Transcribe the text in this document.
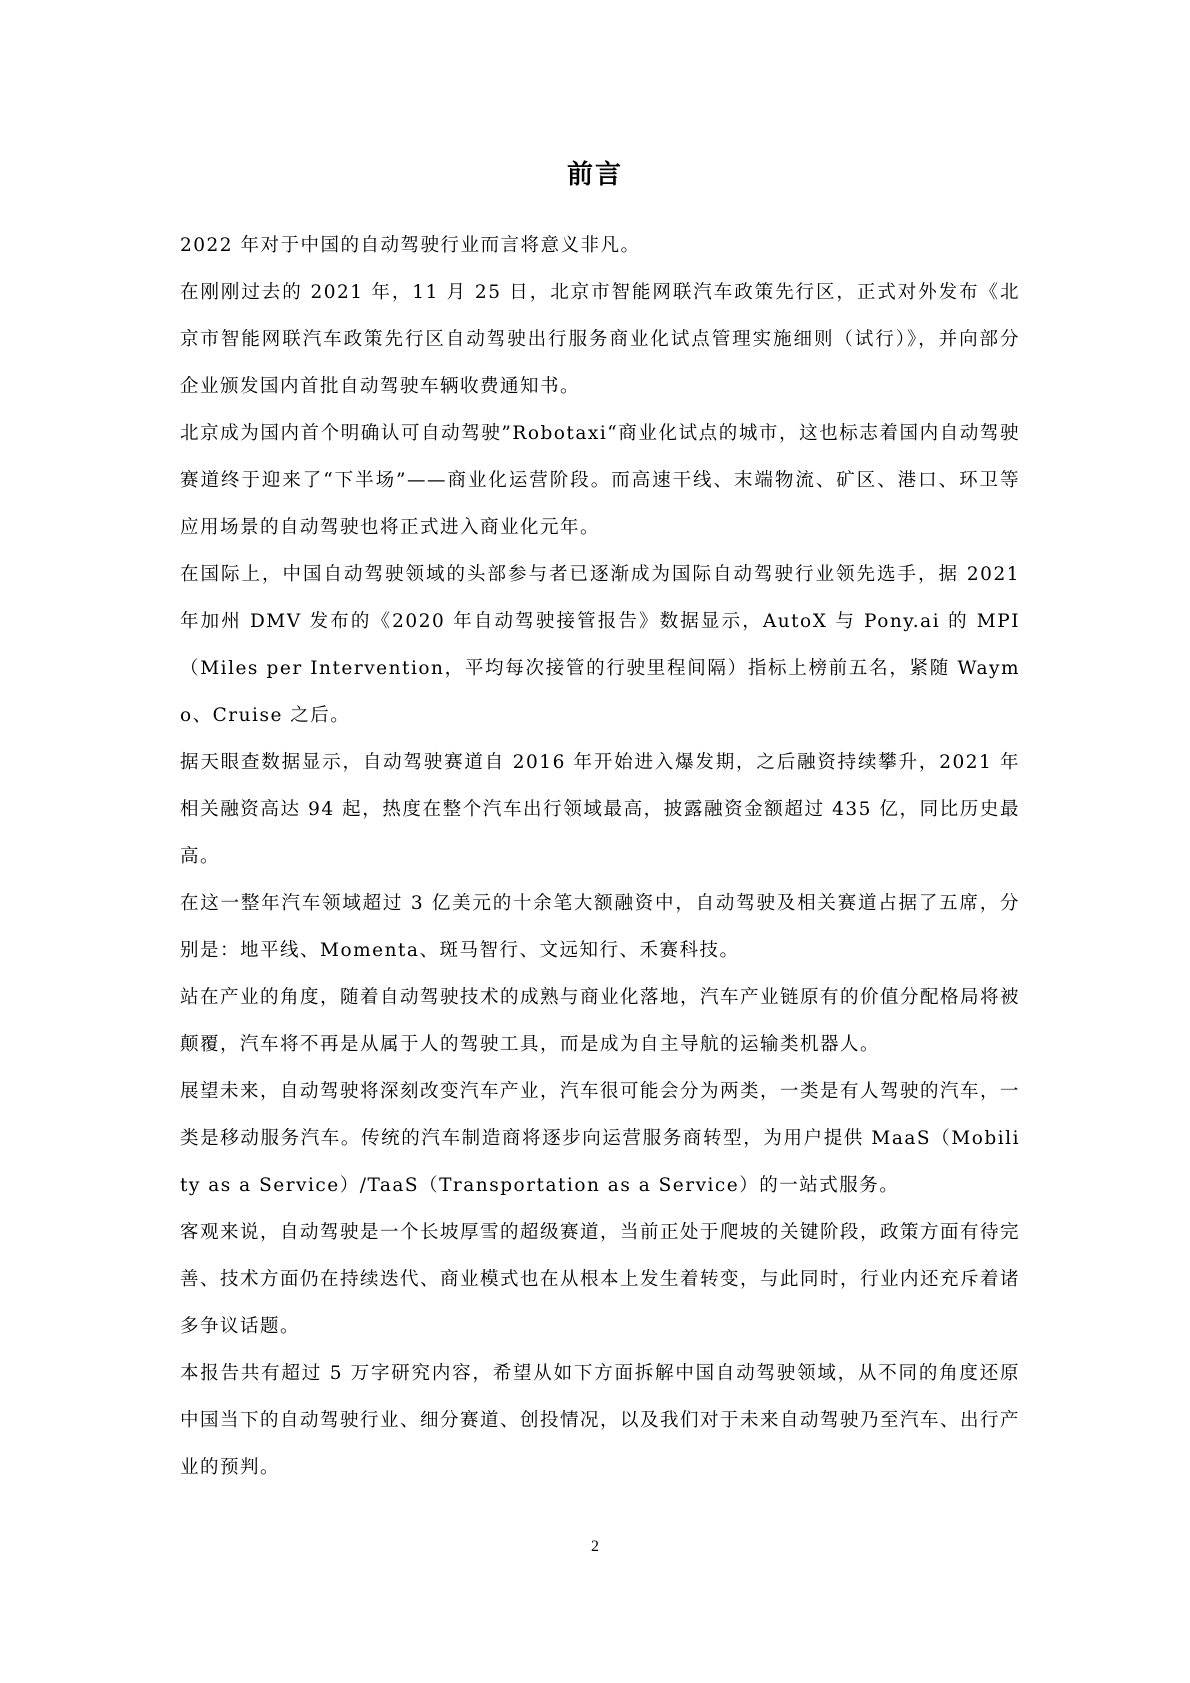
前言

2022 年对于中国的自动驾驶行业而言将意义非凡。

在刚刚过去的 2021 年，11 月 25 日，北京市智能网联汽车政策先行区，正式对外发布《北京市智能网联汽车政策先行区自动驾驶出行服务商业化试点管理实施细则（试行）》，并向部分企业颁发国内首批自动驾驶车辆收费通知书。

北京成为国内首个明确认可自动驾驶”Robotaxi“商业化试点的城市，这也标志着国内自动驾驶赛道终于迎来了“下半场”——商业化运营阶段。而高速干线、末端物流、矿区、港口、环卫等应用场景的自动驾驶也将正式进入商业化元年。

在国际上，中国自动驾驶领域的头部参与者已逐渐成为国际自动驾驶行业领先选手，据 2021 年加州 DMV 发布的《2020 年自动驾驶接管报告》数据显示，AutoX 与 Pony.ai 的 MPI（Miles per Intervention，平均每次接管的行驶里程间隔）指标上榜前五名，紧随 Waymo、Cruise 之后。

据天眼查数据显示，自动驾驶赛道自 2016 年开始进入爆发期，之后融资持续攀升，2021 年相关融资高达 94 起，热度在整个汽车出行领域最高，披露融资金额超过 435 亿，同比历史最高。

在这一整年汽车领域超过 3 亿美元的十余笔大额融资中，自动驾驶及相关赛道占据了五席，分别是：地平线、Momenta、斑马智行、文远知行、禾赛科技。

站在产业的角度，随着自动驾驶技术的成熟与商业化落地，汽车产业链原有的价值分配格局将被颠覆，汽车将不再是从属于人的驾驶工具，而是成为自主导航的运输类机器人。

展望未来，自动驾驶将深刻改变汽车产业，汽车很可能会分为两类，一类是有人驾驶的汽车，一类是移动服务汽车。传统的汽车制造商将逐步向运营服务商转型，为用户提供 MaaS（Mobility as a Service）/TaaS（Transportation as a Service）的一站式服务。

客观来说，自动驾驶是一个长坡厚雪的超级赛道，当前正处于爬坡的关键阶段，政策方面有待完善、技术方面仍在持续迭代、商业模式也在从根本上发生着转变，与此同时，行业内还充斥着诸多争议话题。

本报告共有超过 5 万字研究内容，希望从如下方面拆解中国自动驾驶领域，从不同的角度还原中国当下的自动驾驶行业、细分赛道、创投情况，以及我们对于未来自动驾驶乃至汽车、出行产业的预判。

2
